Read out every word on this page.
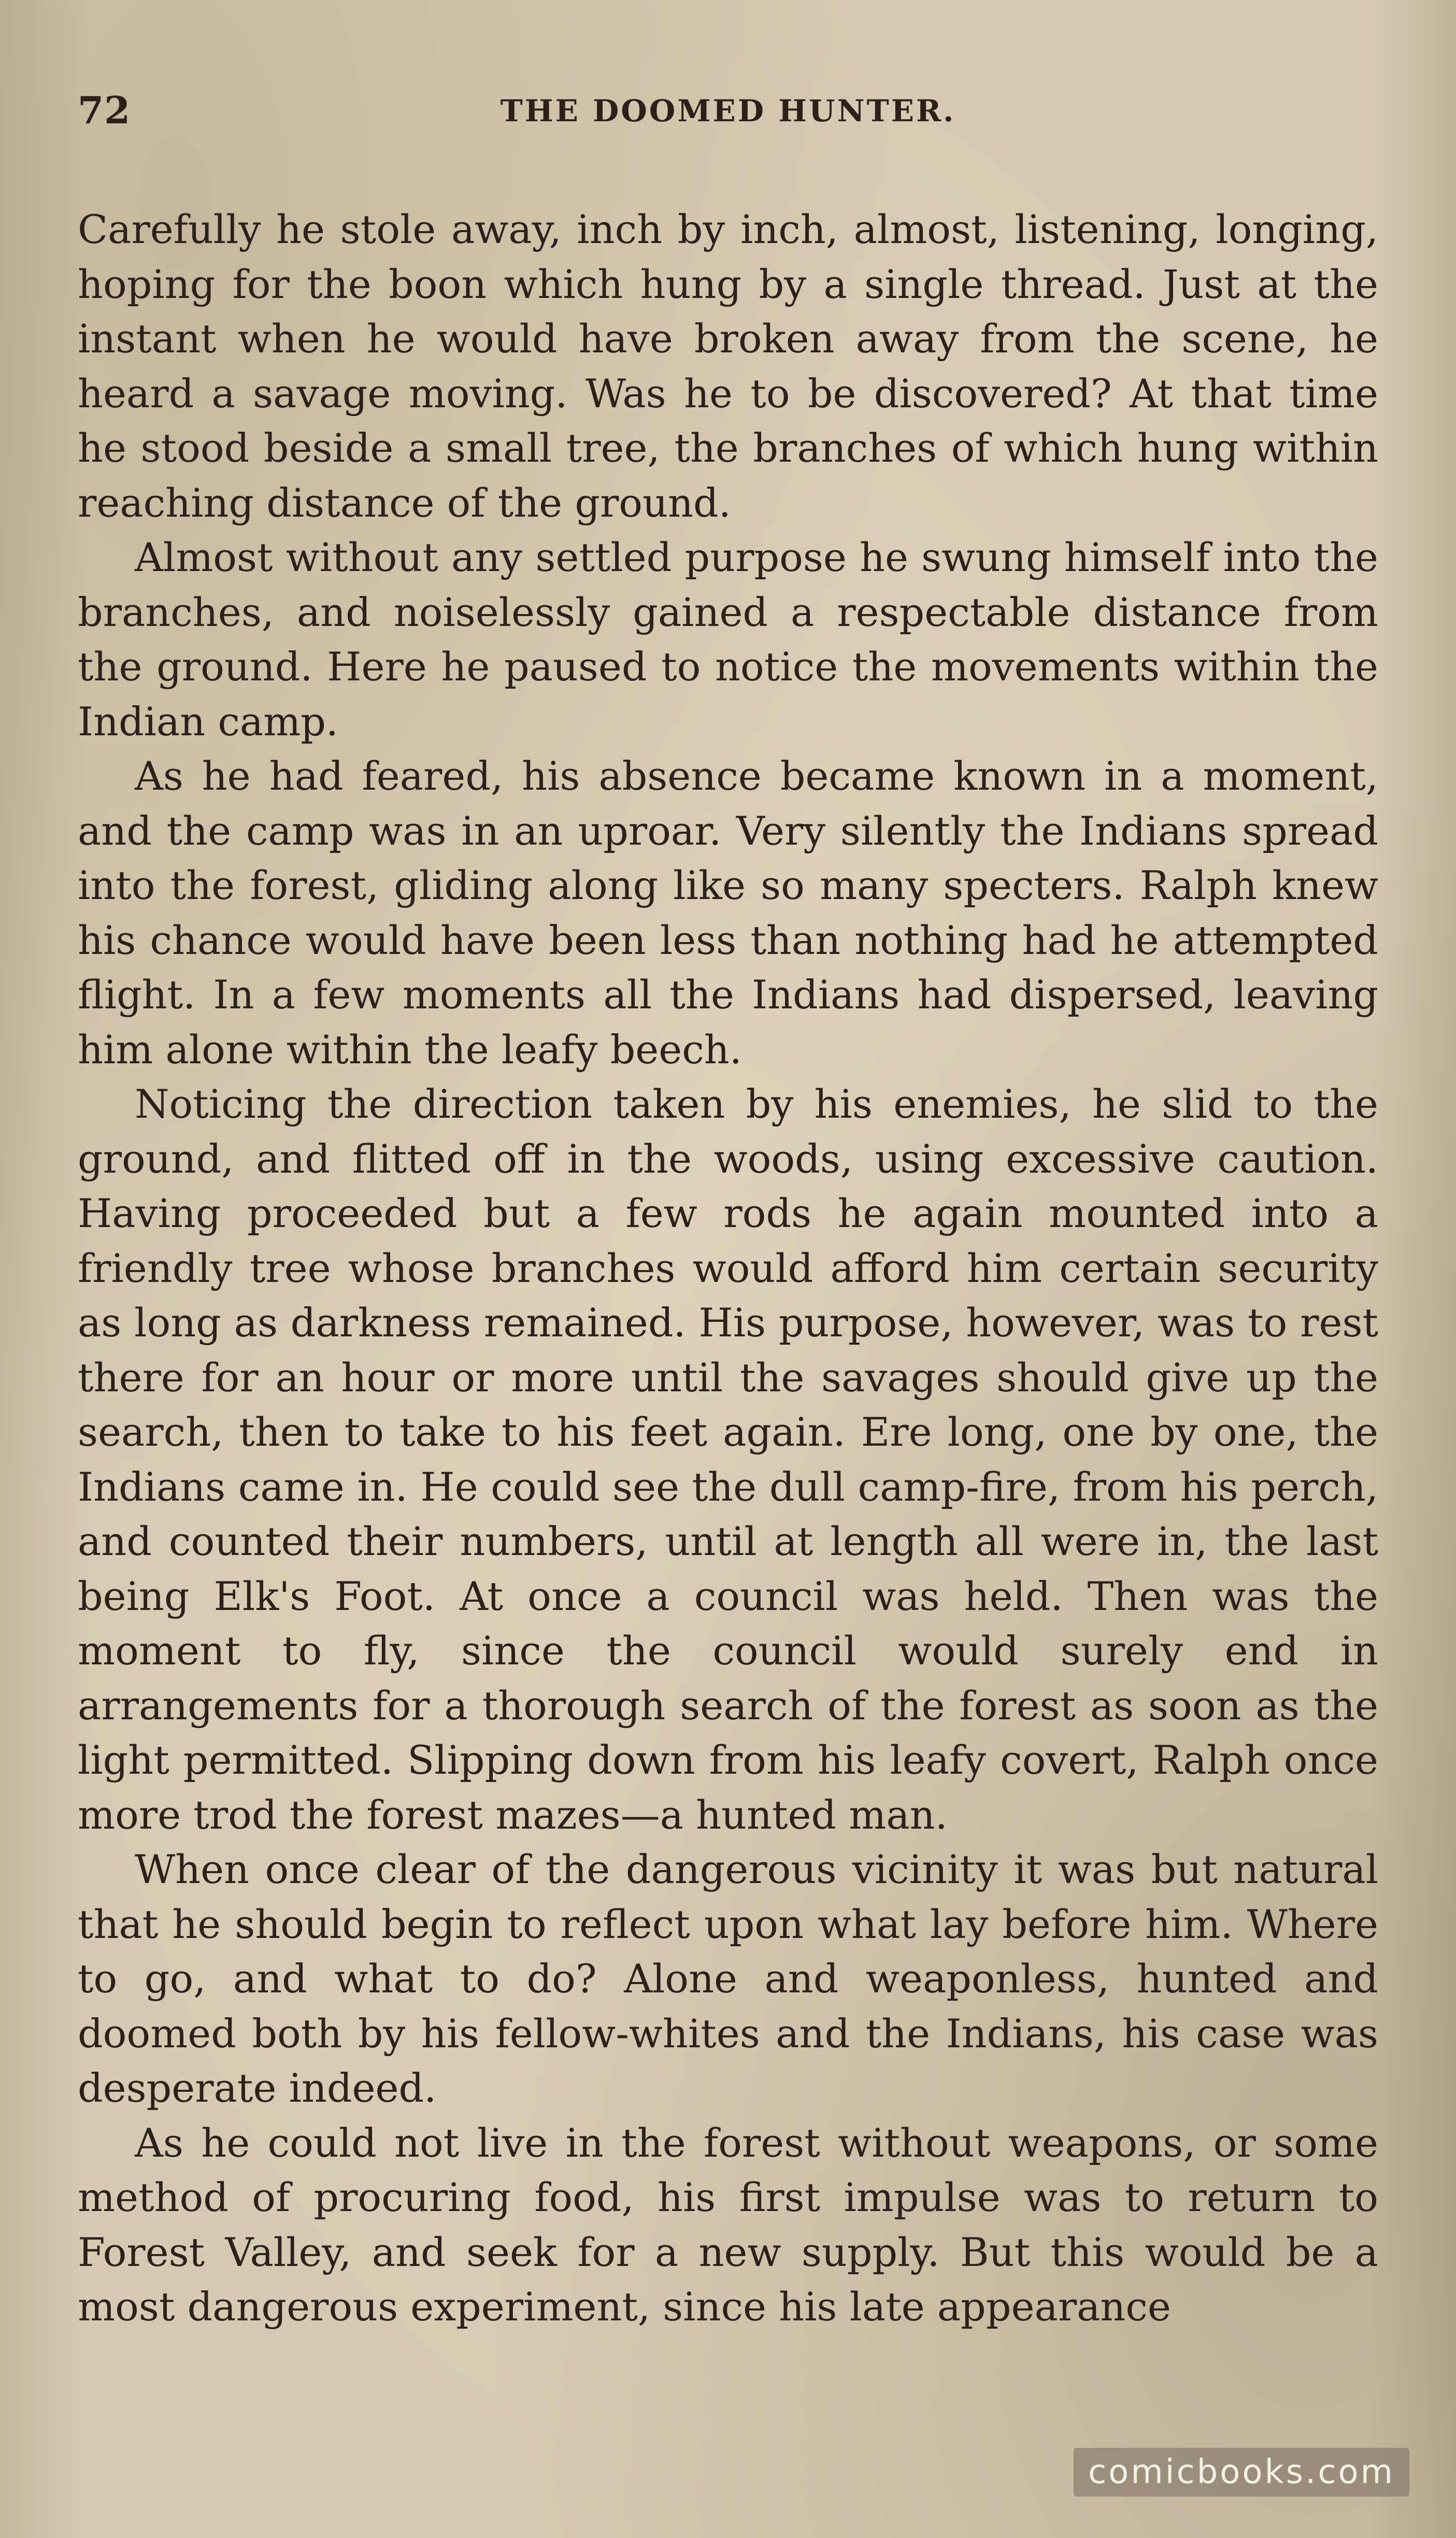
72	THE DOOMED HUNTER.

Carefully he stole away, inch by inch, almost, listening, longing, hoping for the boon which hung by a single thread. Just at the instant when he would have broken away from the scene, he heard a savage moving. Was he to be discovered? At that time he stood beside a small tree, the branches of which hung within reaching distance of the ground.

Almost without any settled purpose he swung himself into the branches, and noiselessly gained a respectable distance from the ground. Here he paused to notice the movements within the Indian camp.

As he had feared, his absence became known in a moment, and the camp was in an uproar. Very silently the Indians spread into the forest, gliding along like so many specters. Ralph knew his chance would have been less than nothing had he attempted flight. In a few moments all the Indians had dispersed, leaving him alone within the leafy beech.

Noticing the direction taken by his enemies, he slid to the ground, and flitted off in the woods, using excessive caution. Having proceeded but a few rods he again mounted into a friendly tree whose branches would afford him certain security as long as darkness remained. His purpose, however, was to rest there for an hour or more until the savages should give up the search, then to take to his feet again. Ere long, one by one, the Indians came in. He could see the dull camp-fire, from his perch, and counted their numbers, until at length all were in, the last being Elk's Foot. At once a council was held. Then was the moment to fly, since the council would surely end in arrangements for a thorough search of the forest as soon as the light permitted. Slipping down from his leafy covert, Ralph once more trod the forest mazes—a hunted man.

When once clear of the dangerous vicinity it was but natural that he should begin to reflect upon what lay before him. Where to go, and what to do? Alone and weaponless, hunted and doomed both by his fellow-whites and the Indians, his case was desperate indeed.

As he could not live in the forest without weapons, or some method of procuring food, his first impulse was to return to Forest Valley, and seek for a new supply. But this would be a most dangerous experiment, since his late appearance

comicbooks.com
